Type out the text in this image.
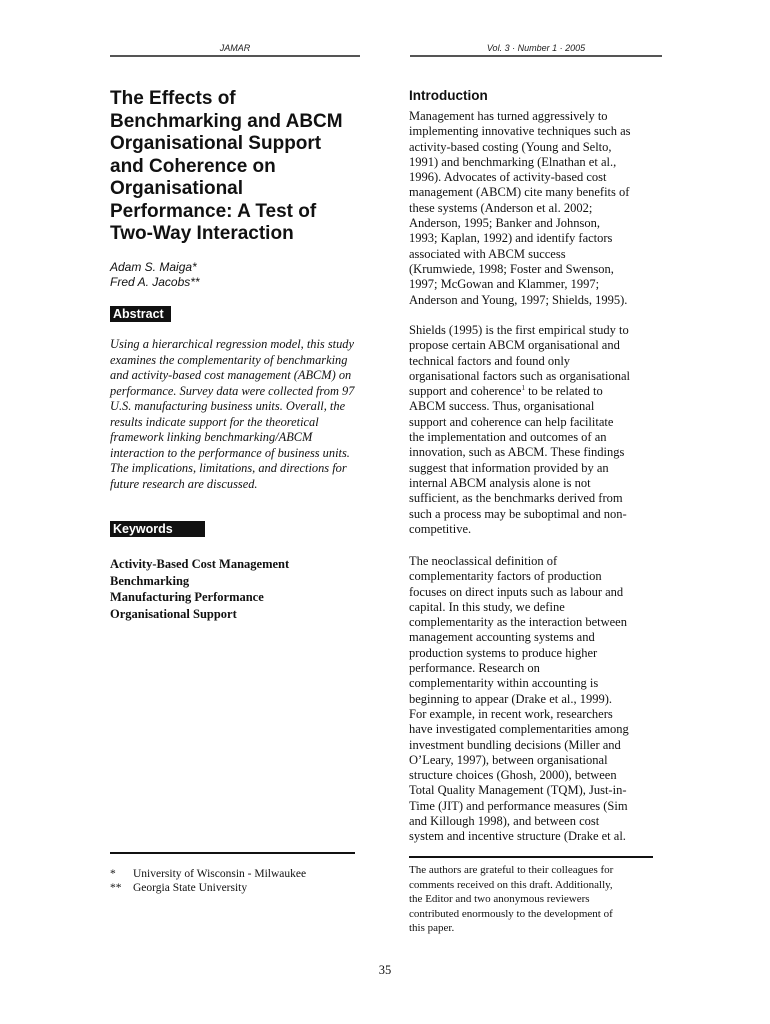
JAMAR	Vol. 3 · Number 1 · 2005
The Effects of Benchmarking and ABCM Organisational Support and Coherence on Organisational Performance: A Test of Two-Way Interaction
Adam S. Maiga*
Fred A. Jacobs**
Abstract

Using a hierarchical regression model, this study examines the complementarity of benchmarking and activity-based cost management (ABCM) on performance. Survey data were collected from 97 U.S. manufacturing business units. Overall, the results indicate support for the theoretical framework linking benchmarking/ABCM interaction to the performance of business units. The implications, limitations, and directions for future research are discussed.

Keywords
Activity-Based Cost Management
Benchmarking
Manufacturing Performance
Organisational Support
* University of Wisconsin - Milwaukee
** Georgia State University
Introduction
Management has turned aggressively to
implementing innovative techniques such as
activity-based costing (Young and Selto,
1991) and benchmarking (Elnathan et al.,
1996). Advocates of activity-based cost
management (ABCM) cite many benefits of
these systems (Anderson et al. 2002;
Anderson, 1995; Banker and Johnson,
1993; Kaplan, 1992) and identify factors
associated with ABCM success
(Krumwiede, 1998; Foster and Swenson,
1997; McGowan and Klammer, 1997;
Anderson and Young, 1997; Shields, 1995).
Shields (1995) is the first empirical study to
propose certain ABCM organisational and
technical factors and found only
organisational factors such as organisational
support and coherence$^1$ to be related to
ABCM success. Thus, organisational
support and coherence can help facilitate
the implementation and outcomes of an
innovation, such as ABCM. These findings
suggest that information provided by an
internal ABCM analysis alone is not
sufficient, as the benchmarks derived from
such a process may be suboptimal and non-
competitive.
The neoclassical definition of
complementarity factors of production
focuses on direct inputs such as labour and
capital. In this study, we define
complementarity as the interaction between
management accounting systems and
production systems to produce higher
performance. Research on
complementarity within accounting is
beginning to appear (Drake et al., 1999).
For example, in recent work, researchers
have investigated complementarities among
investment bundling decisions (Miller and
O’Leary, 1997), between organisational
structure choices (Ghosh, 2000), between
Total Quality Management (TQM), Just-in-
Time (JIT) and performance measures (Sim
and Killough 1998), and between cost
system and incentive structure (Drake et al.
The authors are grateful to their colleagues for
comments received on this draft. Additionally,
the Editor and two anonymous reviewers
contributed enormously to the development of
this paper.
35
